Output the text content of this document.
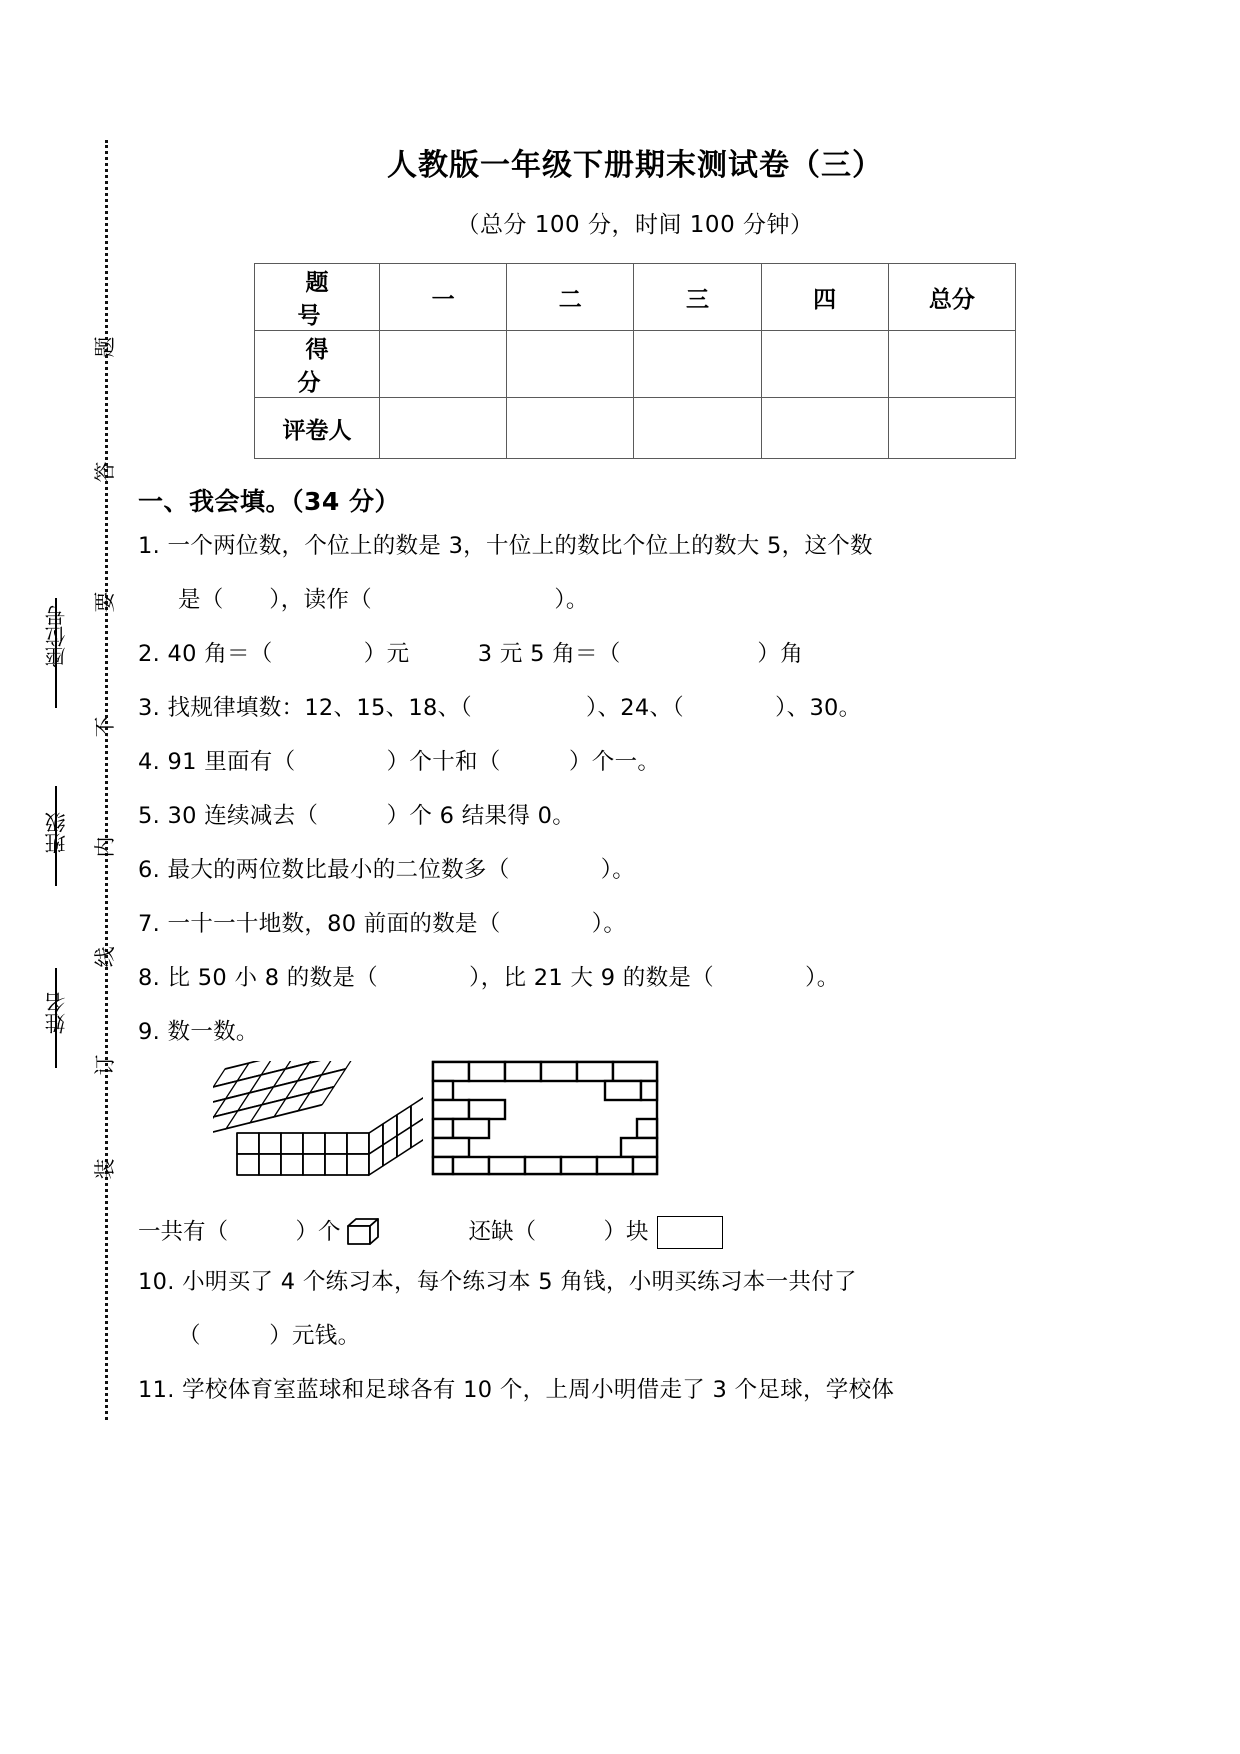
题
答
要
不
内
线
订
装
座位号
班级
姓名
人教版一年级下册期末测试卷（三）
（总分 100 分，时间 100 分钟）
题　号	一	二	三	四	总分
得　分					
评卷人					
一、我会填。（34 分）
1. 一个两位数，个位上的数是 3，十位上的数比个位上的数大 5，这个数
是（　　），读作（　　　　　　　　）。
2. 40 角＝（　　　　）元　　　3 元 5 角＝（　　　　　　）角
3. 找规律填数：12、15、18、（　　　　　）、24、（　　　　）、30。
4. 91 里面有（　　　　）个十和（　　　）个一。
5. 30 连续减去（　　　）个 6 结果得 0。
6. 最大的两位数比最小的二位数多（　　　　）。
7. 一十一十地数，80 前面的数是（　　　　）。
8. 比 50 小 8 的数是（　　　　），比 21 大 9 的数是（　　　　）。
9. 数一数。
一共有（　　　）个	还缺（　　　）块
10. 小明买了 4 个练习本，每个练习本 5 角钱，小明买练习本一共付了
（　　　）元钱。
11. 学校体育室蓝球和足球各有 10 个，上周小明借走了 3 个足球，学校体
